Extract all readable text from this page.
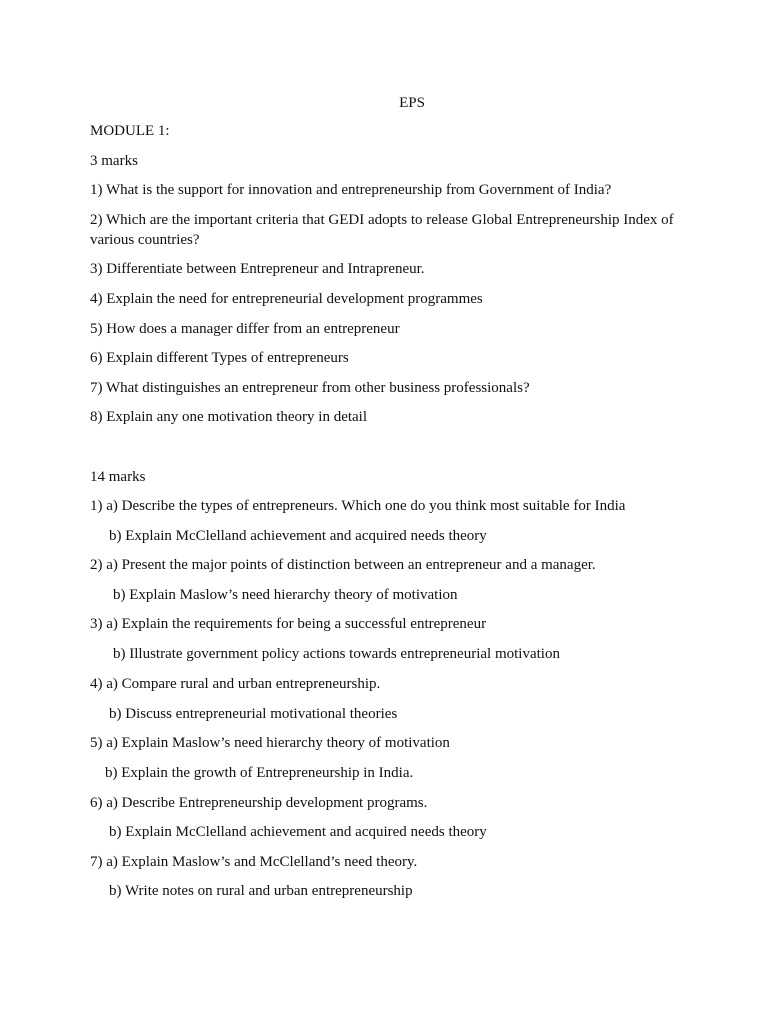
EPS
MODULE 1:
3 marks
1) What is the support for innovation and entrepreneurship from Government of India?
2) Which are the important criteria that GEDI adopts to release Global Entrepreneurship Index of various countries?
3) Differentiate between Entrepreneur and Intrapreneur.
4) Explain the need for entrepreneurial development programmes
5) How does a manager differ from an entrepreneur
6) Explain different Types of entrepreneurs
7) What distinguishes an entrepreneur from other business professionals?
8) Explain any one motivation theory in detail
14 marks
1) a) Describe the types of entrepreneurs. Which one do you think most suitable for India
b) Explain McClelland achievement and acquired needs theory
2) a) Present the major points of distinction between an entrepreneur and a manager.
b) Explain Maslow’s need hierarchy theory of motivation
3) a) Explain the requirements for being a successful entrepreneur
b) Illustrate government policy actions towards entrepreneurial motivation
4) a) Compare rural and urban entrepreneurship.
b) Discuss entrepreneurial motivational theories
5) a) Explain Maslow’s need hierarchy theory of motivation
b) Explain the growth of Entrepreneurship in India.
6) a) Describe Entrepreneurship development programs.
b) Explain McClelland achievement and acquired needs theory
7) a) Explain Maslow’s and McClelland’s need theory.
b) Write notes on rural and urban entrepreneurship
